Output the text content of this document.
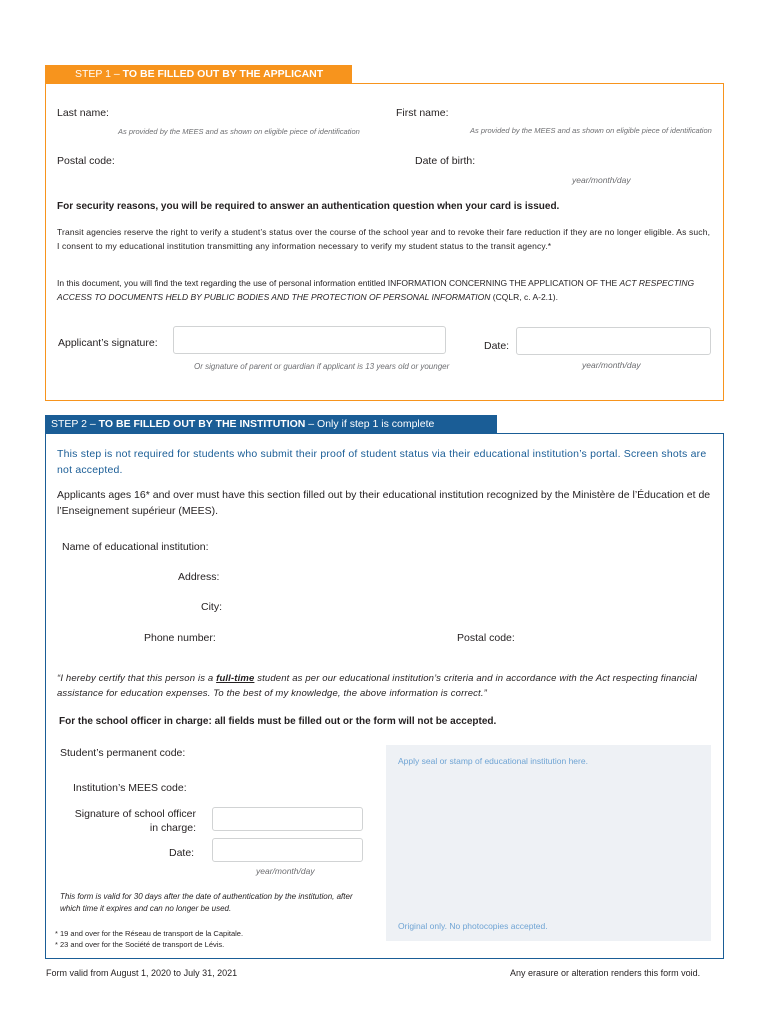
STEP 1 – TO BE FILLED OUT BY THE APPLICANT
Last name:
As provided by the MEES and as shown on eligible piece of identification
First name:
As provided by the MEES and as shown on eligible piece of identification
Postal code:	Date of birth:
year/month/day
For security reasons, you will be required to answer an authentication question when your card is issued.
Transit agencies reserve the right to verify a student’s status over the course of the school year and to revoke their fare reduction if they are no longer eligible. As such, I consent to my educational institution transmitting any information necessary to verify my student status to the transit agency.*
In this document, you will find the text regarding the use of personal information entitled INFORMATION CONCERNING THE APPLICATION OF THE ACT RESPECTING ACCESS TO DOCUMENTS HELD BY PUBLIC BODIES AND THE PROTECTION OF PERSONAL INFORMATION (CQLR, c. A-2.1).
Applicant’s signature:
Or signature of parent or guardian if applicant is 13 years old or younger
Date:
year/month/day
STEP 2 – TO BE FILLED OUT BY THE INSTITUTION – Only if step 1 is complete
This step is not required for students who submit their proof of student status via their educational institution’s portal. Screen shots are not accepted.
Applicants ages 16* and over must have this section filled out by their educational institution recognized by the Ministère de l’Éducation et de l’Enseignement supérieur (MEES).
Name of educational institution:
Address:
City:
Phone number:	Postal code:
“I hereby certify that this person is a full-time student as per our educational institution’s criteria and in accordance with the Act respecting financial assistance for education expenses. To the best of my knowledge, the above information is correct.”
For the school officer in charge: all fields must be filled out or the form will not be accepted.
Student’s permanent code:
Institution’s MEES code:
Signature of school officer
in charge:
Date:
year/month/day
This form is valid for 30 days after the date of authentication by the institution, after which time it expires and can no longer be used.
* 19 and over for the Réseau de transport de la Capitale.
* 23 and over for the Société de transport de Lévis.
Apply seal or stamp of educational institution here.
Original only. No photocopies accepted.
Form valid from August 1, 2020 to July 31, 2021	Any erasure or alteration renders this form void.
